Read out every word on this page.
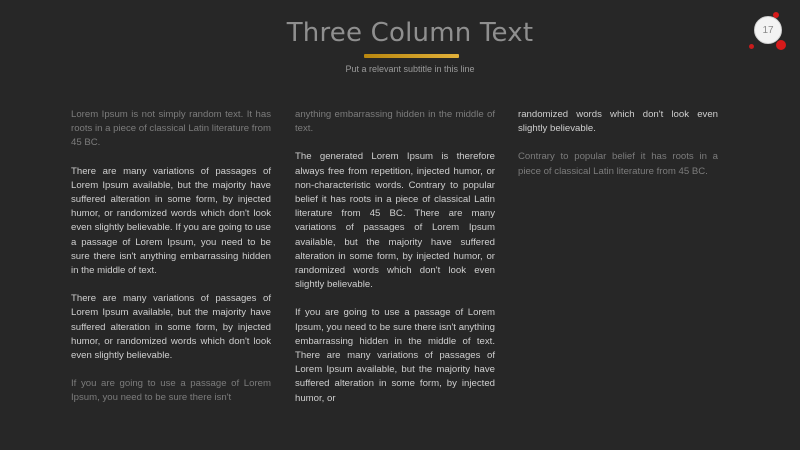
Three Column Text
Put a relevant subtitle in this line
17

Lorem Ipsum is not simply random text. It has roots in a piece of classical Latin literature from 45 BC.

There are many variations of passages of Lorem Ipsum available, but the majority have suffered alteration in some form, by injected humor, or randomized words which don't look even slightly believable. If you are going to use a passage of Lorem Ipsum, you need to be sure there isn't anything embarrassing hidden in the middle of text.

There are many variations of passages of Lorem Ipsum available, but the majority have suffered alteration in some form, by injected humor, or randomized words which don't look even slightly believable.

If you are going to use a passage of Lorem Ipsum, you need to be sure there isn't

anything embarrassing hidden in the middle of text.

The generated Lorem Ipsum is therefore always free from repetition, injected humor, or non-characteristic words. Contrary to popular belief it has roots in a piece of classical Latin literature from 45 BC. There are many variations of passages of Lorem Ipsum available, but the majority have suffered alteration in some form, by injected humor, or randomized words which don't look even slightly believable.

If you are going to use a passage of Lorem Ipsum, you need to be sure there isn't anything embarrassing hidden in the middle of text. There are many variations of passages of Lorem Ipsum available, but the majority have suffered alteration in some form, by injected humor, or

randomized words which don't look even slightly believable.

Contrary to popular belief it has roots in a piece of classical Latin literature from 45 BC.
